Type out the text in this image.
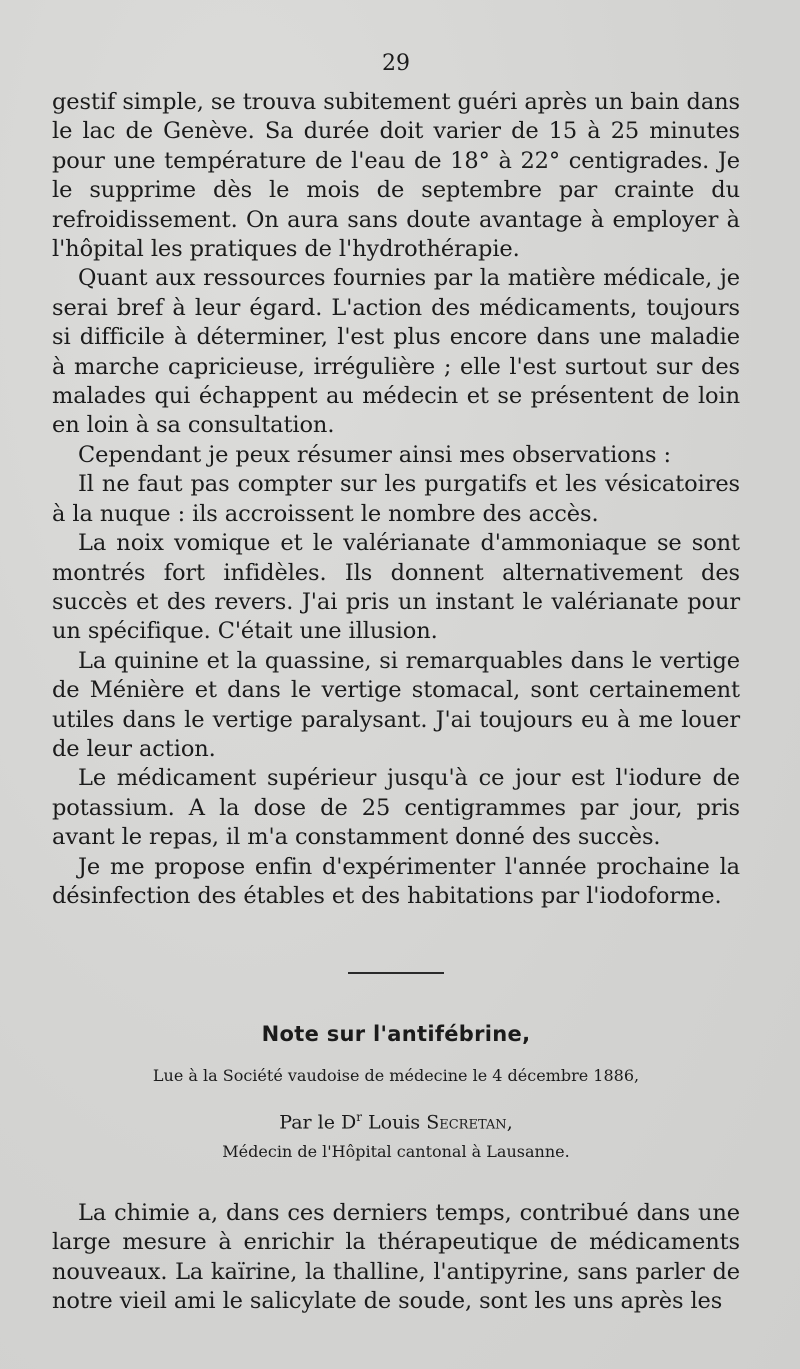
29

gestif simple, se trouva subitement guéri après un bain dans le lac de Genève. Sa durée doit varier de 15 à 25 minutes pour une température de l'eau de 18° à 22° centigrades. Je le supprime dès le mois de septembre par crainte du refroidissement. On aura sans doute avantage à employer à l'hôpital les pratiques de l'hydrothérapie.

Quant aux ressources fournies par la matière médicale, je serai bref à leur égard. L'action des médicaments, toujours si difficile à déterminer, l'est plus encore dans une maladie à marche capricieuse, irrégulière ; elle l'est surtout sur des malades qui échappent au médecin et se présentent de loin en loin à sa consultation.

Cependant je peux résumer ainsi mes observations :

Il ne faut pas compter sur les purgatifs et les vésicatoires à la nuque : ils accroissent le nombre des accès.

La noix vomique et le valérianate d'ammoniaque se sont montrés fort infidèles. Ils donnent alternativement des succès et des revers. J'ai pris un instant le valérianate pour un spécifique. C'était une illusion.

La quinine et la quassine, si remarquables dans le vertige de Ménière et dans le vertige stomacal, sont certainement utiles dans le vertige paralysant. J'ai toujours eu à me louer de leur action.

Le médicament supérieur jusqu'à ce jour est l'iodure de potassium. A la dose de 25 centigrammes par jour, pris avant le repas, il m'a constamment donné des succès.

Je me propose enfin d'expérimenter l'année prochaine la désinfection des étables et des habitations par l'iodoforme.

Note sur l'antifébrine,
Lue à la Société vaudoise de médecine le 4 décembre 1886,
Par le $D^r$ Louis Secretan,
Médecin de l'Hôpital cantonal à Lausanne.

La chimie a, dans ces derniers temps, contribué dans une large mesure à enrichir la thérapeutique de médicaments nouveaux. La kaïrine, la thalline, l'antipyrine, sans parler de notre vieil ami le salicylate de soude, sont les uns après les
